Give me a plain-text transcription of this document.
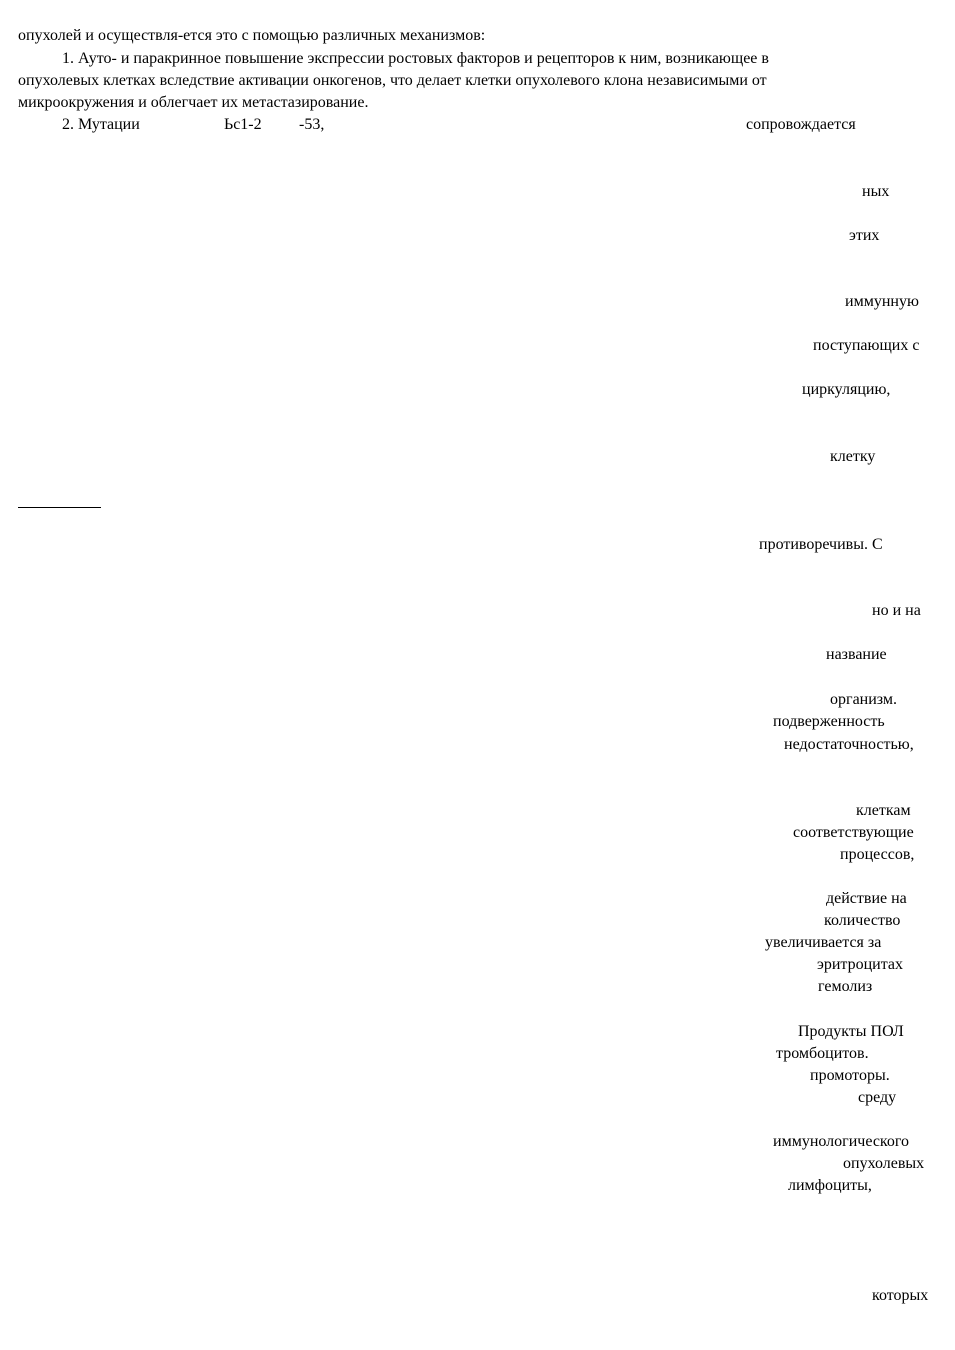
опухолей и осуществля-ется это с помощью различных механизмов:
1. Ауто- и паракринное повышение экспрессии ростовых факторов и рецепторов к ним, возникающее в
опухолевых клетках вследствие активации онкогенов, что делает клетки опухолевого клона независимыми от
микроокружения и облегчает их метастазирование.
2. Мутации	Ьс1-2 -53,	сопровождается
ных
этих
иммунную
поступающих с
циркуляцию,
клетку
противоречивы. С
но и на
название
организм.
подверженность
недостаточностью,
клеткам
соответствующие
процессов,
действие на
количество
увеличивается за
эритроцитах
гемолиз
Продукты ПОЛ
тромбоцитов.
промоторы.
среду
иммунологического
опухолевых
лимфоциты,
которых
